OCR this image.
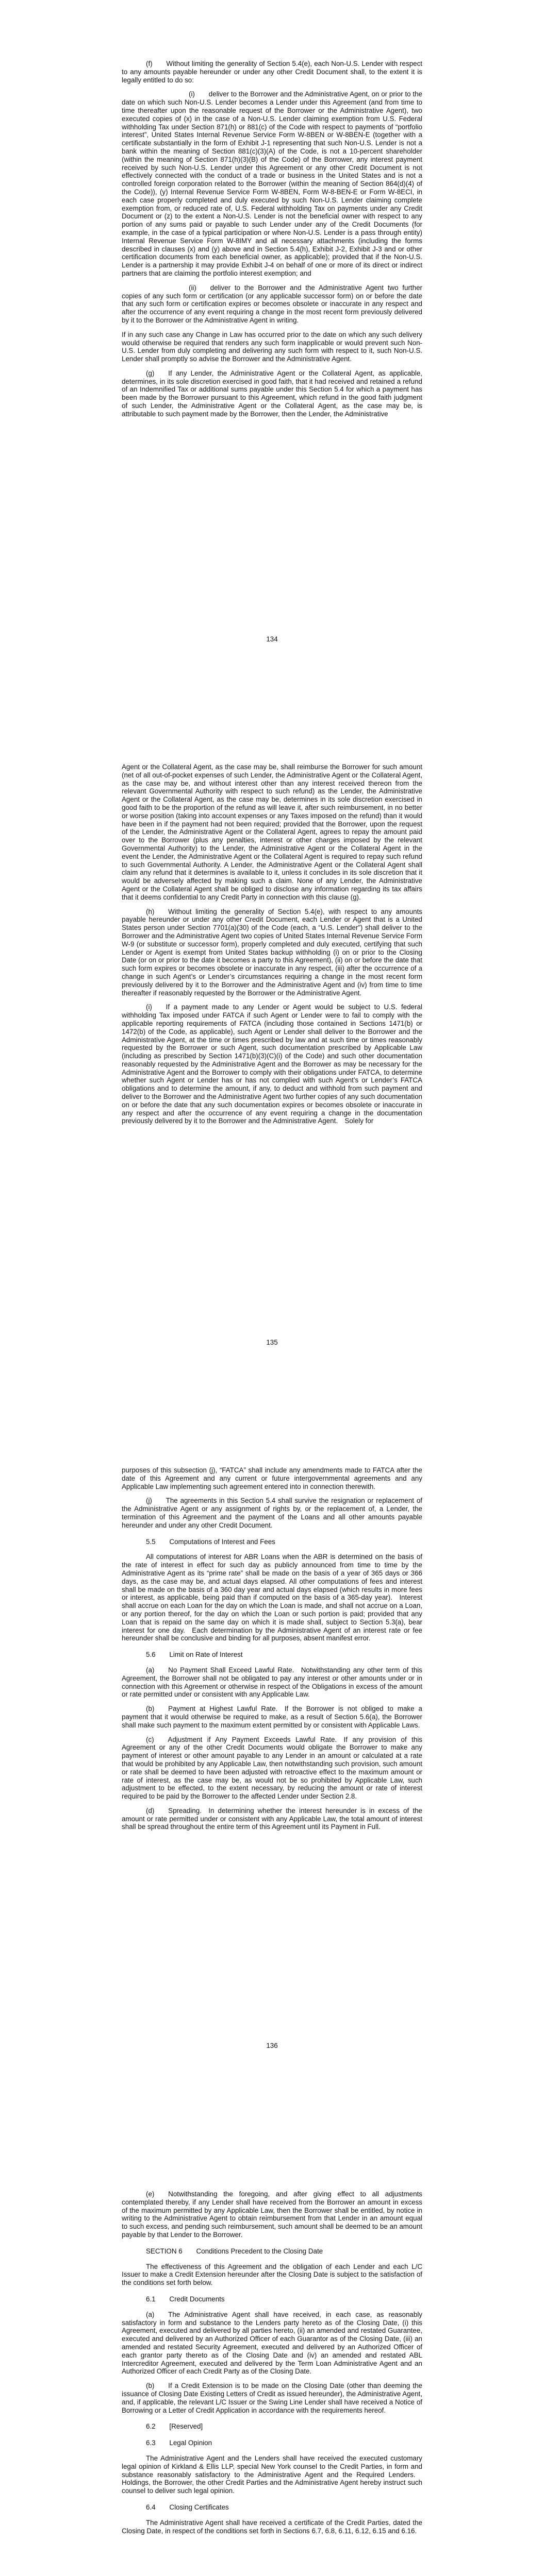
(f)  Without limiting the generality of Section 5.4(e), each Non-U.S. Lender with respect to any amounts payable hereunder or under any other Credit Document shall, to the extent it is legally entitled to do so:

(i)  deliver to the Borrower and the Administrative Agent, on or prior to the date on which such Non-U.S. Lender becomes a Lender under this Agreement (and from time to time thereafter upon the reasonable request of the Borrower or the Administrative Agent), two executed copies of (x) in the case of a Non-U.S. Lender claiming exemption from U.S. Federal withholding Tax under Section 871(h) or 881(c) of the Code with respect to payments of “portfolio interest”, United States Internal Revenue Service Form W-8BEN or W-8BEN-E (together with a certificate substantially in the form of Exhibit J-1 representing that such Non-U.S. Lender is not a bank within the meaning of Section 881(c)(3)(A) of the Code, is not a 10-percent shareholder (within the meaning of Section 871(h)(3)(B) of the Code) of the Borrower, any interest payment received by such Non-U.S. Lender under this Agreement or any other Credit Document is not effectively connected with the conduct of a trade or business in the United States and is not a controlled foreign corporation related to the Borrower (within the meaning of Section 864(d)(4) of the Code)), (y) Internal Revenue Service Form W-8BEN, Form W-8-BEN-E or Form W-8ECI, in each case properly completed and duly executed by such Non-U.S. Lender claiming complete exemption from, or reduced rate of, U.S. Federal withholding Tax on payments under any Credit Document or (z) to the extent a Non-U.S. Lender is not the beneficial owner with respect to any portion of any sums paid or payable to such Lender under any of the Credit Documents (for example, in the case of a typical participation or where Non-U.S. Lender is a pass through entity) Internal Revenue Service Form W-8IMY and all necessary attachments (including the forms described in clauses (x) and (y) above and in Section 5.4(h), Exhibit J-2, Exhibit J-3 and or other certification documents from each beneficial owner, as applicable); provided that if the Non-U.S. Lender is a partnership it may provide Exhibit J-4 on behalf of one or more of its direct or indirect partners that are claiming the portfolio interest exemption; and

(ii)  deliver to the Borrower and the Administrative Agent two further copies of any such form or certification (or any applicable successor form) on or before the date that any such form or certification expires or becomes obsolete or inaccurate in any respect and after the occurrence of any event requiring a change in the most recent form previously delivered by it to the Borrower or the Administrative Agent in writing.

If in any such case any Change in Law has occurred prior to the date on which any such delivery would otherwise be required that renders any such form inapplicable or would prevent such Non-U.S. Lender from duly completing and delivering any such form with respect to it, such Non-U.S. Lender shall promptly so advise the Borrower and the Administrative Agent.

(g)  If any Lender, the Administrative Agent or the Collateral Agent, as applicable, determines, in its sole discretion exercised in good faith, that it had received and retained a refund of an Indemnified Tax or additional sums payable under this Section 5.4 for which a payment has been made by the Borrower pursuant to this Agreement, which refund in the good faith judgment of such Lender, the Administrative Agent or the Collateral Agent, as the case may be, is attributable to such payment made by the Borrower, then the Lender, the Administrative

134

Agent or the Collateral Agent, as the case may be, shall reimburse the Borrower for such amount (net of all out-of-pocket expenses of such Lender, the Administrative Agent or the Collateral Agent, as the case may be, and without interest other than any interest received thereon from the relevant Governmental Authority with respect to such refund) as the Lender, the Administrative Agent or the Collateral Agent, as the case may be, determines in its sole discretion exercised in good faith to be the proportion of the refund as will leave it, after such reimbursement, in no better or worse position (taking into account expenses or any Taxes imposed on the refund) than it would have been in if the payment had not been required; provided that the Borrower, upon the request of the Lender, the Administrative Agent or the Collateral Agent, agrees to repay the amount paid over to the Borrower (plus any penalties, interest or other charges imposed by the relevant Governmental Authority) to the Lender, the Administrative Agent or the Collateral Agent in the event the Lender, the Administrative Agent or the Collateral Agent is required to repay such refund to such Governmental Authority. A Lender, the Administrative Agent or the Collateral Agent shall claim any refund that it determines is available to it, unless it concludes in its sole discretion that it would be adversely affected by making such a claim. None of any Lender, the Administrative Agent or the Collateral Agent shall be obliged to disclose any information regarding its tax affairs that it deems confidential to any Credit Party in connection with this clause (g).

(h)  Without limiting the generality of Section 5.4(e), with respect to any amounts payable hereunder or under any other Credit Document, each Lender or Agent that is a United States person under Section 7701(a)(30) of the Code (each, a “U.S. Lender”) shall deliver to the Borrower and the Administrative Agent two copies of United States Internal Revenue Service Form W-9 (or substitute or successor form), properly completed and duly executed, certifying that such Lender or Agent is exempt from United States backup withholding (i) on or prior to the Closing Date (or on or prior to the date it becomes a party to this Agreement), (ii) on or before the date that such form expires or becomes obsolete or inaccurate in any respect, (iii) after the occurrence of a change in such Agent’s or Lender’s circumstances requiring a change in the most recent form previously delivered by it to the Borrower and the Administrative Agent and (iv) from time to time thereafter if reasonably requested by the Borrower or the Administrative Agent.

(i)  If a payment made to any Lender or Agent would be subject to U.S. federal withholding Tax imposed under FATCA if such Agent or Lender were to fail to comply with the applicable reporting requirements of FATCA (including those contained in Sections 1471(b) or 1472(b) of the Code, as applicable), such Agent or Lender shall deliver to the Borrower and the Administrative Agent, at the time or times prescribed by law and at such time or times reasonably requested by the Borrower or such Agent, such documentation prescribed by Applicable Law (including as prescribed by Section 1471(b)(3)(C)(i) of the Code) and such other documentation reasonably requested by the Administrative Agent and the Borrower as may be necessary for the Administrative Agent and the Borrower to comply with their obligations under FATCA, to determine whether such Agent or Lender has or has not complied with such Agent’s or Lender’s FATCA obligations and to determine the amount, if any, to deduct and withhold from such payment and deliver to the Borrower and the Administrative Agent two further copies of any such documentation on or before the date that any such documentation expires or becomes obsolete or inaccurate in any respect and after the occurrence of any event requiring a change in the documentation previously delivered by it to the Borrower and the Administrative Agent. Solely for

135

purposes of this subsection (j), “FATCA” shall include any amendments made to FATCA after the date of this Agreement and any current or future intergovernmental agreements and any Applicable Law implementing such agreement entered into in connection therewith.

(j)  The agreements in this Section 5.4 shall survive the resignation or replacement of the Administrative Agent or any assignment of rights by, or the replacement of, a Lender, the termination of this Agreement and the payment of the Loans and all other amounts payable hereunder and under any other Credit Document.

5.5  Computations of Interest and Fees

All computations of interest for ABR Loans when the ABR is determined on the basis of the rate of interest in effect for such day as publicly announced from time to time by the Administrative Agent as its “prime rate” shall be made on the basis of a year of 365 days or 366 days, as the case may be, and actual days elapsed. All other computations of fees and interest shall be made on the basis of a 360 day year and actual days elapsed (which results in more fees or interest, as applicable, being paid than if computed on the basis of a 365-day year). Interest shall accrue on each Loan for the day on which the Loan is made, and shall not accrue on a Loan, or any portion thereof, for the day on which the Loan or such portion is paid; provided that any Loan that is repaid on the same day on which it is made shall, subject to Section 5.3(a), bear interest for one day. Each determination by the Administrative Agent of an interest rate or fee hereunder shall be conclusive and binding for all purposes, absent manifest error.

5.6  Limit on Rate of Interest

(a)  No Payment Shall Exceed Lawful Rate. Notwithstanding any other term of this Agreement, the Borrower shall not be obligated to pay any interest or other amounts under or in connection with this Agreement or otherwise in respect of the Obligations in excess of the amount or rate permitted under or consistent with any Applicable Law.

(b)  Payment at Highest Lawful Rate. If the Borrower is not obliged to make a payment that it would otherwise be required to make, as a result of Section 5.6(a), the Borrower shall make such payment to the maximum extent permitted by or consistent with Applicable Laws.

(c)  Adjustment if Any Payment Exceeds Lawful Rate. If any provision of this Agreement or any of the other Credit Documents would obligate the Borrower to make any payment of interest or other amount payable to any Lender in an amount or calculated at a rate that would be prohibited by any Applicable Law, then notwithstanding such provision, such amount or rate shall be deemed to have been adjusted with retroactive effect to the maximum amount or rate of interest, as the case may be, as would not be so prohibited by Applicable Law, such adjustment to be effected, to the extent necessary, by reducing the amount or rate of interest required to be paid by the Borrower to the affected Lender under Section 2.8.

(d)  Spreading. In determining whether the interest hereunder is in excess of the amount or rate permitted under or consistent with any Applicable Law, the total amount of interest shall be spread throughout the entire term of this Agreement until its Payment in Full.

136

(e)  Notwithstanding the foregoing, and after giving effect to all adjustments contemplated thereby, if any Lender shall have received from the Borrower an amount in excess of the maximum permitted by any Applicable Law, then the Borrower shall be entitled, by notice in writing to the Administrative Agent to obtain reimbursement from that Lender in an amount equal to such excess, and pending such reimbursement, such amount shall be deemed to be an amount payable by that Lender to the Borrower.

SECTION 6  Conditions Precedent to the Closing Date

The effectiveness of this Agreement and the obligation of each Lender and each L/C Issuer to make a Credit Extension hereunder after the Closing Date is subject to the satisfaction of the conditions set forth below.

6.1  Credit Documents

(a)  The Administrative Agent shall have received, in each case, as reasonably satisfactory in form and substance to the Lenders party hereto as of the Closing Date, (i) this Agreement, executed and delivered by all parties hereto, (ii) an amended and restated Guarantee, executed and delivered by an Authorized Officer of each Guarantor as of the Closing Date, (iii) an amended and restated Security Agreement, executed and delivered by an Authorized Officer of each grantor party thereto as of the Closing Date and (iv) an amended and restated ABL Intercreditor Agreement, executed and delivered by the Term Loan Administrative Agent and an Authorized Officer of each Credit Party as of the Closing Date.

(b)  If a Credit Extension is to be made on the Closing Date (other than deeming the issuance of Closing Date Existing Letters of Credit as issued hereunder), the Administrative Agent, and, if applicable, the relevant L/C Issuer or the Swing Line Lender shall have received a Notice of Borrowing or a Letter of Credit Application in accordance with the requirements hereof.

6.2  [Reserved]

6.3  Legal Opinion

The Administrative Agent and the Lenders shall have received the executed customary legal opinion of Kirkland & Ellis LLP, special New York counsel to the Credit Parties, in form and substance reasonably satisfactory to the Administrative Agent and the Required Lenders. Holdings, the Borrower, the other Credit Parties and the Administrative Agent hereby instruct such counsel to deliver such legal opinion.

6.4  Closing Certificates

The Administrative Agent shall have received a certificate of the Credit Parties, dated the Closing Date, in respect of the conditions set forth in Sections 6.7, 6.8, 6.11, 6.12, 6.15 and 6.16.
